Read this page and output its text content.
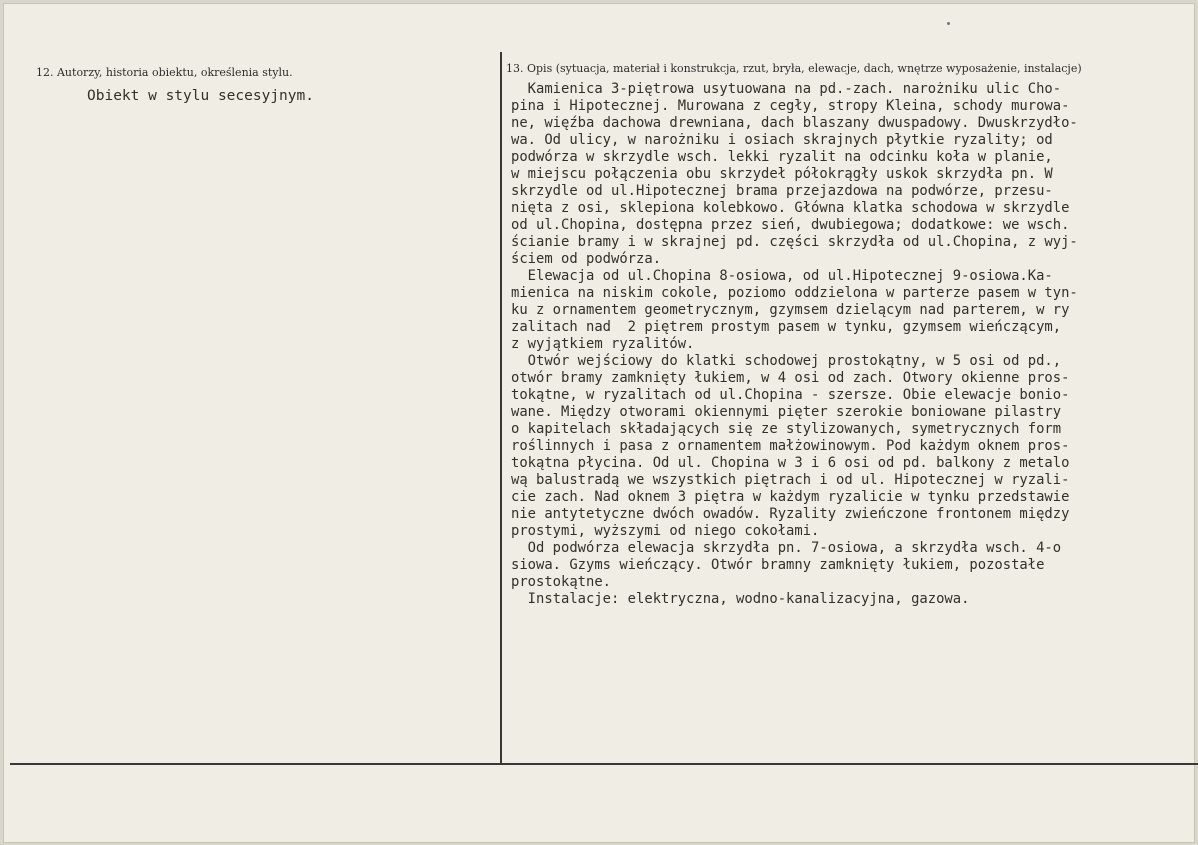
12. Autorzy, historia obiektu, określenia stylu.
Obiekt w stylu secesyjnym.
13. Opis (sytuacja, materiał i konstrukcja, rzut, bryła, elewacje, dach, wnętrze wyposażenie, instalacje)
Kamienica 3-piętrowa usytuowana na pd.-zach. narożniku ulic Cho-
pina i Hipotecznej. Murowana z cegły, stropy Kleina, schody murowa-
ne, więźba dachowa drewniana, dach blaszany dwuspadowy. Dwuskrzydło-
wa. Od ulicy, w narożniku i osiach skrajnych płytkie ryzality; od
podwórza w skrzydle wsch. lekki ryzalit na odcinku koła w planie,
w miejscu połączenia obu skrzydeł półokrągły uskok skrzydła pn. W
skrzydle od ul.Hipotecznej brama przejazdowa na podwórze, przesu-
nięta z osi, sklepiona kolebkowo. Główna klatka schodowa w skrzydle
od ul.Chopina, dostępna przez sień, dwubiegowa; dodatkowe: we wsch.
ścianie bramy i w skrajnej pd. części skrzydła od ul.Chopina, z wyj-
ściem od podwórza.
Elewacja od ul.Chopina 8-osiowa, od ul.Hipotecznej 9-osiowa.Ka-
mienica na niskim cokole, poziomo oddzielona w parterze pasem w tyn-
ku z ornamentem geometrycznym, gzymsem dzielącym nad parterem, w ry
zalitach nad  2 piętrem prostym pasem w tynku, gzymsem wieńczącym,
z wyjątkiem ryzalitów.
Otwór wejściowy do klatki schodowej prostokątny, w 5 osi od pd.,
otwór bramy zamknięty łukiem, w 4 osi od zach. Otwory okienne pros-
tokątne, w ryzalitach od ul.Chopina - szersze. Obie elewacje bonio-
wane. Między otworami okiennymi pięter szerokie boniowane pilastry
o kapitelach składających się ze stylizowanych, symetrycznych form
roślinnych i pasa z ornamentem małżowinowym. Pod każdym oknem pros-
tokątna płycina. Od ul. Chopina w 3 i 6 osi od pd. balkony z metalo
wą balustradą we wszystkich piętrach i od ul. Hipotecznej w ryzali-
cie zach. Nad oknem 3 piętra w każdym ryzalicie w tynku przedstawie
nie antytetyczne dwóch owadów. Ryzality zwieńczone frontonem między
prostymi, wyższymi od niego cokołami.
Od podwórza elewacja skrzydła pn. 7-osiowa, a skrzydła wsch. 4-o
siowa. Gzyms wieńczący. Otwór bramny zamknięty łukiem, pozostałe
prostokątne.
Instalacje: elektryczna, wodno-kanalizacyjna, gazowa.
